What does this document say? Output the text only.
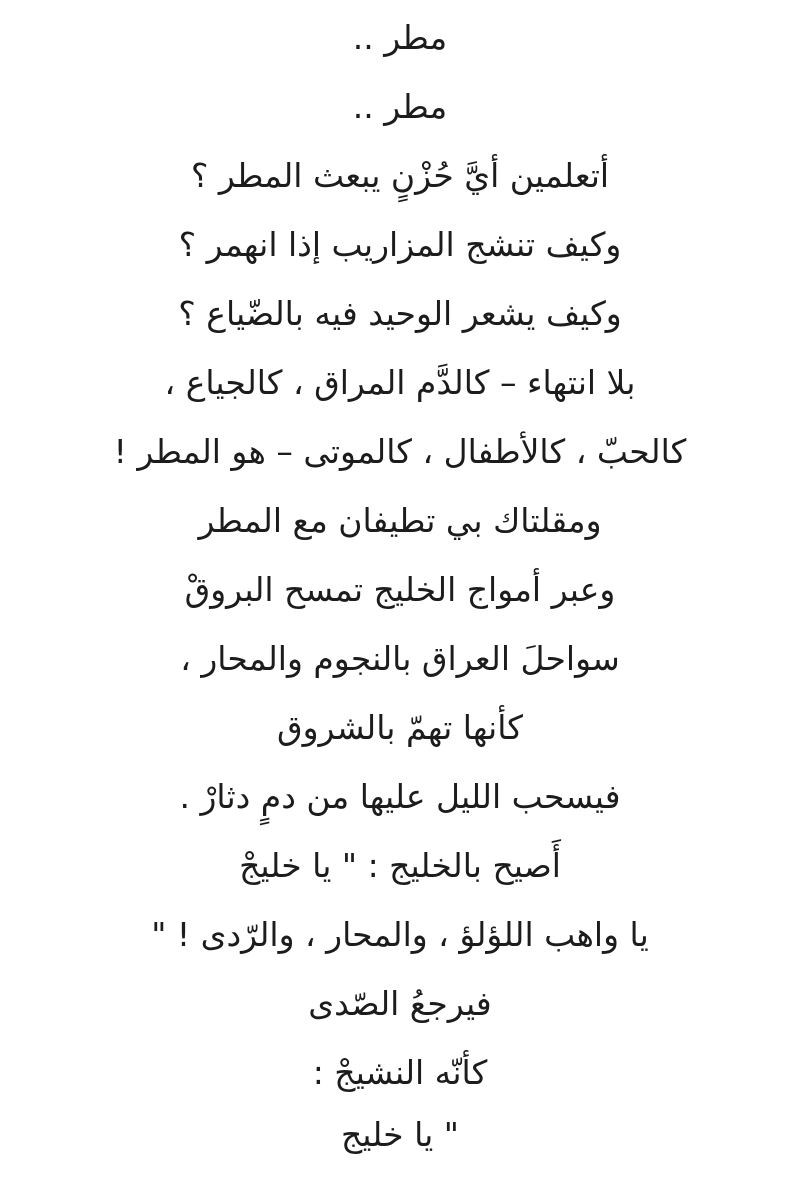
مطر ..
مطر ..
أتعلمين أيَّ حُزْنٍ يبعث المطر ؟
وكيف تنشج المزاريب إذا انهمر ؟
وكيف يشعر الوحيد فيه بالضّياع ؟
بلا انتهاء – كالدَّم المراق ، كالجياع ،
كالحبّ ، كالأطفال ، كالموتى – هو المطر !
ومقلتاك بي تطيفان مع المطر
وعبر أمواج الخليج تمسح البروقْ
سواحلَ العراق بالنجوم والمحار ،
كأنها تهمّ بالشروق
فيسحب الليل عليها من دمٍ دثارْ .
أَصيح بالخليج : " يا خليجْ
يا واهب اللؤلؤ ، والمحار ، والرّدى ! "
فيرجعُ الصّدى
كأنّه النشيجْ :
" يا خليج
